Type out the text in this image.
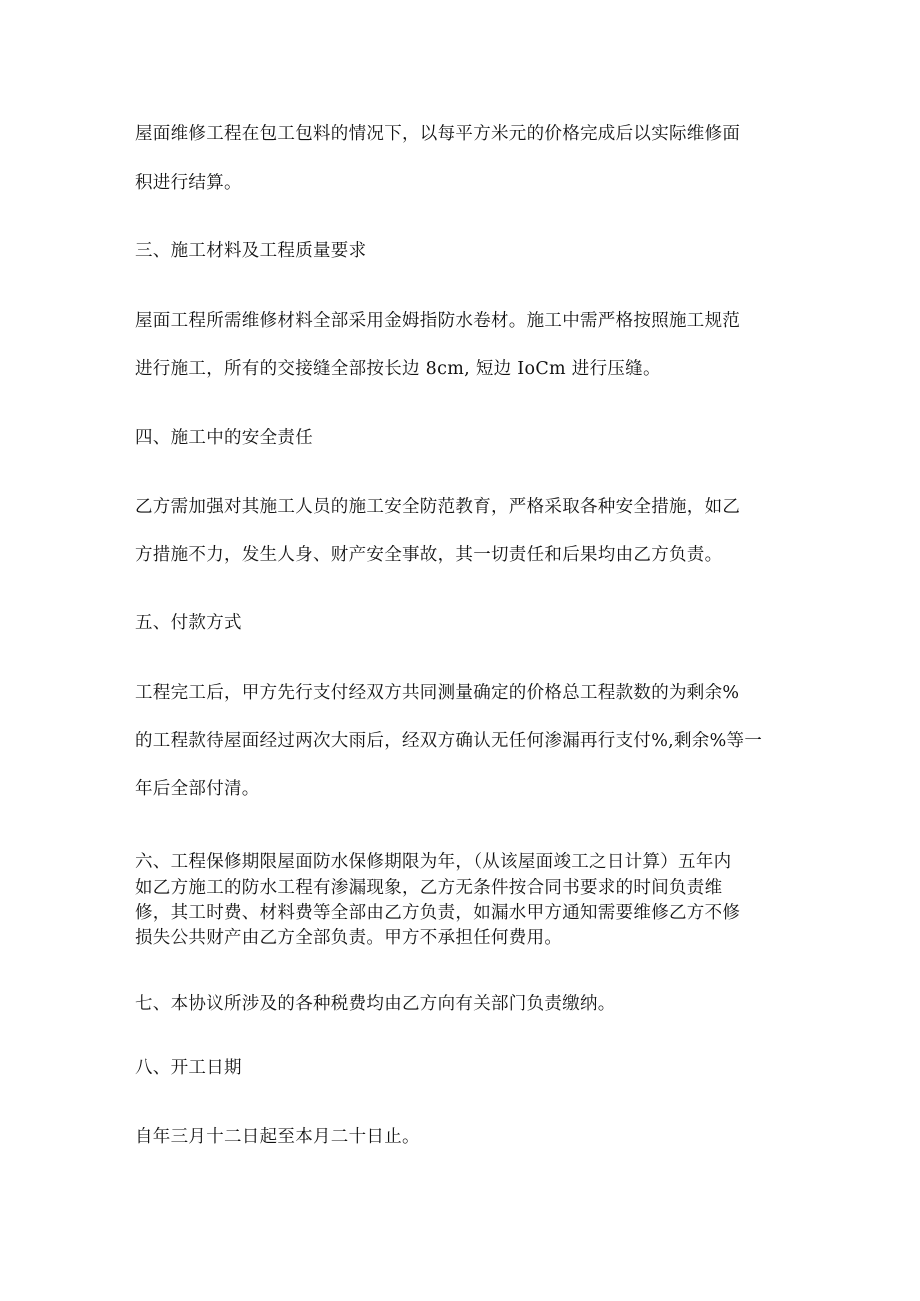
屋面维修工程在包工包料的情况下，以每平方米元的价格完成后以实际维修面
积进行结算。
三、施工材料及工程质量要求
屋面工程所需维修材料全部采用金姆指防水卷材。施工中需严格按照施工规范
进行施工，所有的交接缝全部按长边 8cm, 短边 IoCm 进行压缝。
四、施工中的安全责任
乙方需加强对其施工人员的施工安全防范教育，严格采取各种安全措施，如乙
方措施不力，发生人身、财产安全事故，其一切责任和后果均由乙方负责。
五、付款方式
工程完工后，甲方先行支付经双方共同测量确定的价格总工程款数的为剩余%
的工程款待屋面经过两次大雨后，经双方确认无任何渗漏再行支付%,剩余%等一
年后全部付清。
六、工程保修期限屋面防水保修期限为年，（从该屋面竣工之日计算）五年内
如乙方施工的防水工程有渗漏现象，乙方无条件按合同书要求的时间负责维
修，其工时费、材料费等全部由乙方负责，如漏水甲方通知需要维修乙方不修
损失公共财产由乙方全部负责。甲方不承担任何费用。
七、本协议所涉及的各种税费均由乙方向有关部门负责缴纳。
八、开工日期
自年三月十二日起至本月二十日止。
